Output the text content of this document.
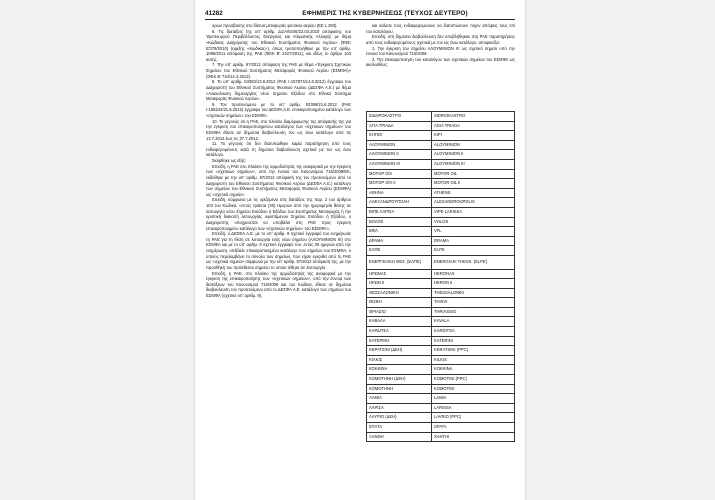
41282	ΕΦΗΜΕΡΙΣ ΤΗΣ ΚΥΒΕΡΝΗΣΕΩΣ (ΤΕΥΧΟΣ ΔΕΥΤΕΡΟ)

όρων πρόσβασης στο δίκτυα μεταφοράς φυσικού αερίου (EE L 293).

6. Τις διατάξεις της υπ' αριθμ. Δ1/Α/5346/22.03.2010 απόφασης του Υφυπουργού Περιβάλλοντος Ενέργειας και Κλιματικής Αλλαγής με θέμα «Κώδικας Διαχείρισης του Εθνικού Συστήματος Φυσικού Αερίου» (ΦΕΚ Β'379/2010) (εφεξής «Κώδικας»), όπως τροποποιήθηκε με την υπ' αριθμ. 1096/2011 απόφαση της ΡΑΕ (ΦΕΚ Β' 2227/2011), και ιδίως το άρθρο 103 αυτής.

7. Την υπ' αριθμ. 97/2012 απόφαση της ΡΑΕ με θέμα «Έγκριση Σχετικών Σημείων του Εθνικού Συστήματος Μεταφοράς Φυσικού Αερίου (ΕΣΜΦΑ)» (ΦΕΚ Β' 744/14.3.2012).

8. Το υπ' αριθμ. 53383/13.6.2012 (ΡΑΕ Ι-157874/14.6.2012) έγγραφο του Διαχειριστή του Εθνικού Συστήματος Φυσικού Αερίου (ΔΕΣΦΑ Α.Ε.) με θέμα «Ανακοίνωση δημιουργίας νέου Σημείου Εξόδου στο Εθνικό Σύστημα Μεταφοράς Φυσικού Αερίου».

9. Τον προτεινόμενο με το υπ' αριθμ. 53399/21.6.2012 (ΡΑΕ Ι-158242/21.6.2012) έγγραφο του ΔΕΣΦΑ Α.Ε. επικαιροποιημένο κατάλογο των «σχετικών σημείων» του ΕΣΜΦΑ.

10. Το γεγονός ότι η ΡΑΕ, στο πλαίσιο διαμόρφωσης της απόφασής της για την έγκριση του επικαιροποιημένου καταλόγου των «σχετικών σημείων» του ΕΣΜΦΑ έθεσε σε δημόσια διαβούλευση τον ως άνω κατάλογο από τις 13.7.2012 έως τις 27.7.2012.

11. Το γεγονός ότι δεν διατυπώθηκε καμία παρατήρηση από τους ενδιαφερομένους κατά τη δημόσια διαβούλευση σχετικά με τον ως άνω κατάλογο.

Σκέφθηκε ως εξής:

Επειδή, η ΡΑΕ στο πλαίσιο της αρμοδιότητάς της αναφορικά με την έγκριση των «σχετικών σημείων», υπό την έννοια του Κανονισμού 715/2009/ΕΚ, εκδόθηκε με την υπ' αριθμ. 97/2012 απόφασή της τον προτεινόμενο από το Διαχειριστή του Εθνικού Συστήματος Φυσικού Αερίου (ΔΕΣΦΑ Α.Ε.) κατάλογο των σημείων του Εθνικού Συστήματος Μεταφοράς Φυσικού Αερίου (ΕΣΜΦΑ) ως «σχετικά σημεία».

Επειδή, σύμφωνα με τις ορίζόμενα στις διατάξεις της παρ. 2 του άρθρου 103 του Κώδικα, «εντός τριάντα (30) Ημερών από την ημερομηνία θέσης σε λειτουργία νέου Σημείου Εισόδου ή Εξόδου του Συστήματος Μεταφοράς ή την οριστική διακοπή λειτουργίας υφιστάμενου Σημείου Εισόδου ή Εξόδου, ο Διαχειριστής υποχρεούται να υποβάλει στη ΡΑΕ προς έγκριση επικαιροποιημένο κατάλογο των «σχετικών σημείων» του ΕΣΜΦΑ».

Επειδή, ο ΔΕΣΦΑ Α.Ε. με το υπ' αριθμ. 8 σχετικό έγγραφό του ενημέρωσε τη ΡΑΕ για τη θέση σε λειτουργία ενός νέου σημείου (ΑΛΟΥΜΙΝΙΟΝ ΙΙΙ) στο ΕΣΜΦΑ και με το υπ' αριθμ. 9 σχετικό έγγραφό του, εντός 30 ημερών από την ενημέρωση, υπέβαλε επικαιροποιημένο κατάλογο των σημείων του ΕΣΜΦΑ, ο οποίος περιλαμβάνει το σύνολο των σημείων, που είχαν εγκριθεί από τη ΡΑΕ ως «σχετικά σημεία» σύμφωνα με την υπ' αριθμ. 97/2012 απόφασή της, με την προσθήκη του πρόσθετου σημείου το οποίο τέθηκε σε λειτουργία.

Επειδή, η ΡΑΕ, στο πλαίσιο της αρμοδιότητάς της αναφορικά με την έγκριση της επικαιροποίησης των «σχετικών σημείων», υπό την έννοια των διατάξεων του Κανονισμού 715/2009 και του Κώδικα, έθεσε σε δημόσια διαβούλευση τον προτεινόμενο από το ΔΕΣΦΑ Α.Ε. κατάλογο των σημείων του ΕΣΜΦΑ (σχετικό υπ' αριθμ. 9),

και κάλεσε τους ενδιαφερόμενους να διατυπώσουν τυχόν απόψεις τους επί του καταλόγου.

Επειδή, στη δημόσια διαβούλευση δεν υποβλήθηκαν στη ΡΑΕ παρατηρήσεις από τους ενδιαφερομένους σχετικά με τον ως άνω κατάλογο, αποφασίζει:

1. Την έγκριση του σημείου ΑΛΟΥΜΙΝΙΟΝ ΙΙΙ ως σχετικό σημείο υπό την έννοια του Κανονισμού 715/2009.

2. Την επικαιροποίηση του καταλόγου των σχετικών σημείων του ΕΣΜΦΑ ως ακολούθως:

ΣΙΔΗΡΟΚΑΣΤΡΟ	SIDIROKASTRO
ΑΓΙΑ ΤΡΙΑΔΑ	AGIA TRIADA
ΚΗΠΟΙ	KIPI
ΑΛΟΥΜΙΝΙΟΝ	ALOYMINION
ΑΛΟΥΜΙΝΙΟΝ ΙΙ	ALOYMINION II
ΑΛΟΥΜΙΝΙΟΝ ΙΙΙ	ALOYMINION III
ΜΟΤΟΡ ΟΪΛ	MOTOR OIL
ΜΟΤΟΡ ΟΪΛ ΙΙ	MOTOR OIL II
ΑΘΗΝΑ	ATHENS
ΑΛΕΞΑΝΔΡΟΥΠΟΛΗ	ALEXANDROUPOLIS
ΒΙΠΕ ΛΑΡΙΣΑ	VIPE LARISSA
ΒΟΛΟΣ	VOLOS
ΒΦΛ	VFL
ΔΡΑΜΑ	DRAMA
ΕΛΠΕ	ELPE
ΕΝΕΡΓΕΙΑΚΗ ΘΕΣ. (ΕΛΠΕ)	ENERGIAKI THESS. (ELPE)
ΗΡΩΝΑΣ	HERONAS
ΗΡΩΝ ΙΙ	HERON II
ΘΕΣΣΑΛΟΝΙΚΗ	THESSALONIKI
ΘΙΣΒΗ	THISVI
ΘΡΙΑΣΙΟ	THRIASSIO
ΚΑΒΑΛΑ	KAVALA
ΚΑΡΔΙΤΣΑ	KARDITSA
ΚΑΤΕΡΙΝΗ	KATERINI
ΚΕΡΑΤΣΙΝΙ (ΔΕΗ)	KERATSINI (PPC)
ΚΙΛΚΙΣ	KILKIS
ΚΟΚΚΙΝΑ	KOKKINA
ΚΟΜΟΤΗΝΗ (ΔΕΗ)	KOMOTINI (PPC)
ΚΟΜΟΤΗΝΗ	KOMOTINI
ΛΑΜΙΑ	LAMIA
ΛΑΡΙΣΑ	LARISSA
ΛΑΥΡΙΟ (ΔΕΗ)	LAVRIO (PPC)
ΣΠΑΤΑ	SPATA
ΞΑΝΘΗ	XANTHI
